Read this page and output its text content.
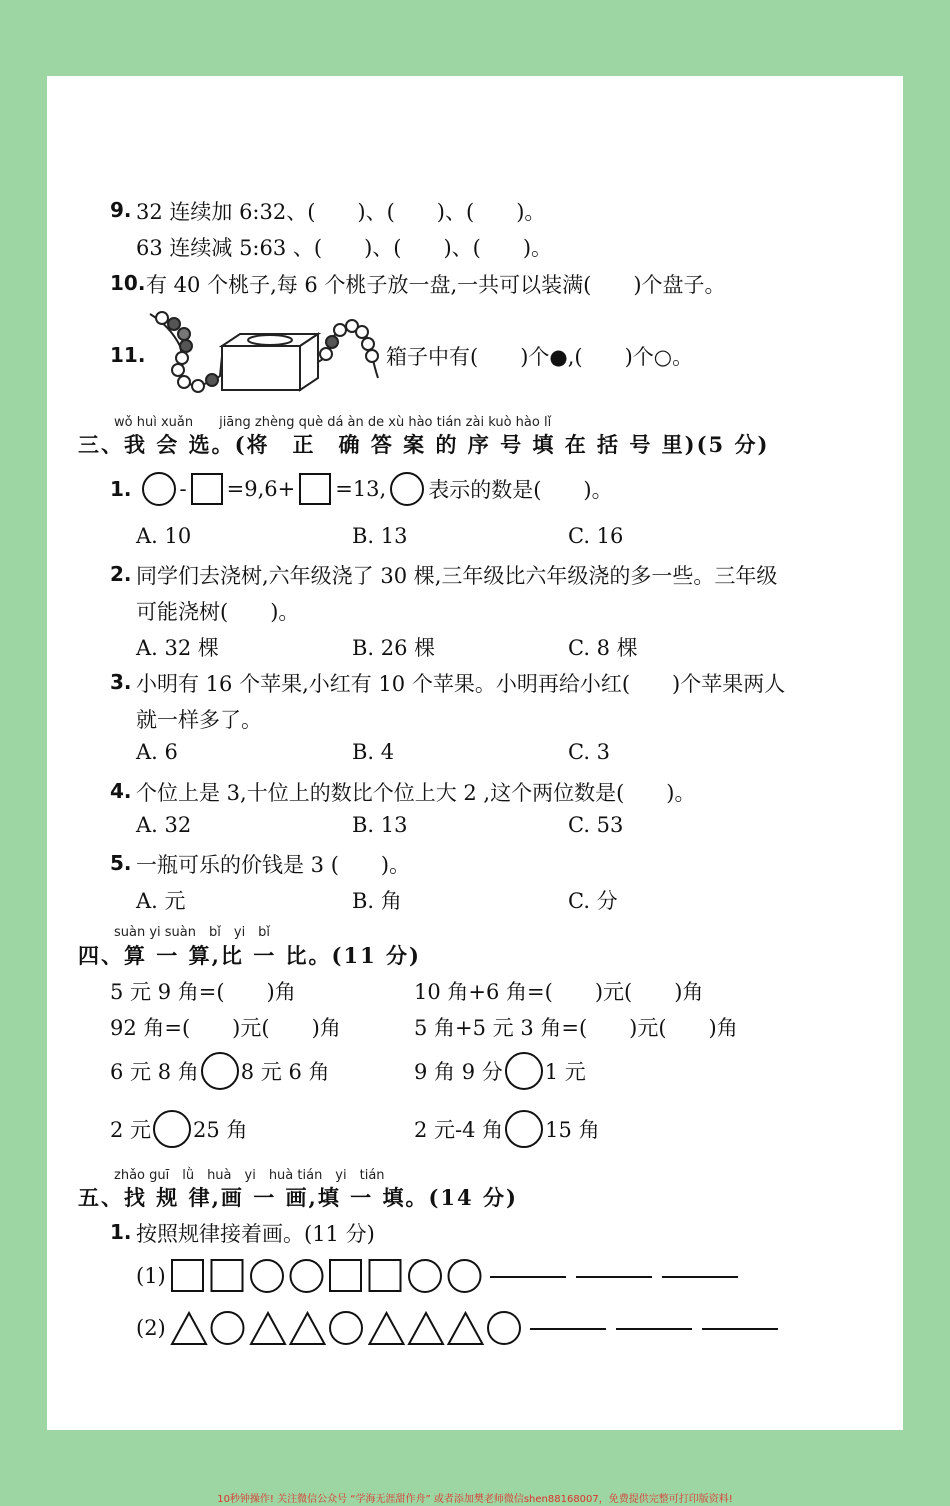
9. 32 连续加 6:32、(　　)、(　　)、(　　)。
63 连续减 5:63 、(　　)、(　　)、(　　)。
10. 有 40 个桃子,每 6 个桃子放一盘,一共可以装满(　　)个盘子。
11.	箱子中有(　　)个●,(　　)个○。
wǒ huì xuǎn　　jiāng zhèng què dá àn de xù hào tián zài kuò hào lǐ
三、我 会 选。(将　正　确 答 案 的 序 号 填 在 括 号 里)(5 分)
1. - =9,6+ =13, 表示的数是(　　)。
A. 10	B. 13	C. 16
2. 同学们去浇树,六年级浇了 30 棵,三年级比六年级浇的多一些。三年级
可能浇树(　　)。
A. 32 棵	B. 26 棵	C. 8 棵
3. 小明有 16 个苹果,小红有 10 个苹果。小明再给小红(　　)个苹果两人
就一样多了。
A. 6	B. 4	C. 3
4. 个位上是 3,十位上的数比个位上大 2 ,这个两位数是(　　)。
A. 32	B. 13	C. 53
5. 一瓶可乐的价钱是 3 (　　)。
A. 元	B. 角	C. 分
suàn yi suàn　bǐ　yi　bǐ
四、算 一 算,比 一 比。(11 分)
5 元 9 角=(　　)角	10 角+6 角=(　　)元(　　)角
92 角=(　　)元(　　)角	5 角+5 元 3 角=(　　)元(　　)角
6 元 8 角 8 元 6 角	9 角 9 分 1 元
2 元 25 角	2 元-4 角 15 角
zhǎo guī　lǜ　huà　yi　huà tián　yi　tián
五、找 规 律,画 一 画,填 一 填。(14 分)
1. 按照规律接着画。(11 分)
(1)
(2)
10秒钟操作! 关注微信公众号 “学海无涯甜作舟” 或者添加樊老师微信shen88168007，免费提供完整可打印版资料!
